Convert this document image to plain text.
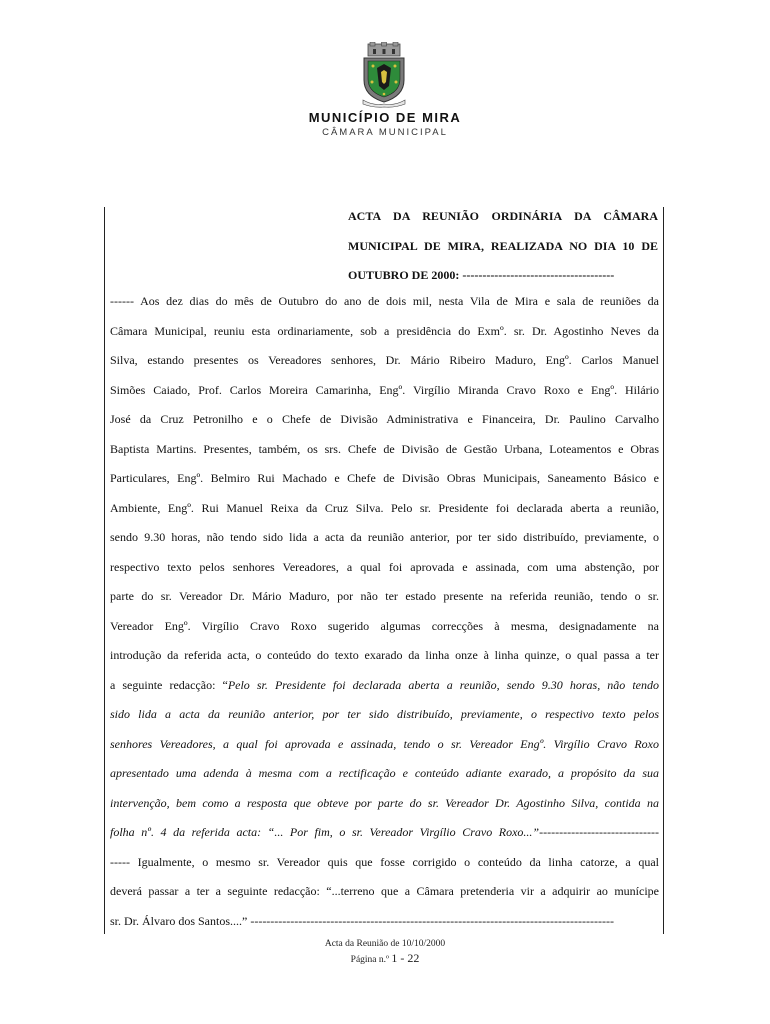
MUNICÍPIO DE MIRA
CÂMARA MUNICIPAL
ACTA DA REUNIÃO ORDINÁRIA DA CÂMARA
MUNICIPAL DE MIRA, REALIZADA NO DIA 10 DE
OUTUBRO DE 2000: --------------------------------------
------ Aos dez dias do mês de Outubro do ano de dois mil, nesta Vila de Mira e sala de reuniões da
Câmara Municipal, reuniu esta ordinariamente, sob a presidência do Exmº. sr. Dr. Agostinho Neves da
Silva, estando presentes os Vereadores senhores, Dr. Mário Ribeiro Maduro, Engº. Carlos Manuel
Simões Caiado, Prof. Carlos Moreira Camarinha, Engº. Virgílio Miranda Cravo Roxo e Engº. Hilário
José da Cruz Petronilho e o Chefe de Divisão Administrativa e Financeira, Dr. Paulino Carvalho
Baptista Martins. Presentes, também, os srs. Chefe de Divisão de Gestão Urbana, Loteamentos e Obras
Particulares, Engº. Belmiro Rui Machado e Chefe de Divisão Obras Municipais, Saneamento Básico e
Ambiente, Engº. Rui Manuel Reixa da Cruz Silva. Pelo sr. Presidente foi declarada aberta a reunião,
sendo 9.30 horas, não tendo sido lida a acta da reunião anterior, por ter sido distribuído, previamente, o
respectivo texto pelos senhores Vereadores, a qual foi aprovada e assinada, com uma abstenção, por
parte do sr. Vereador Dr. Mário Maduro, por não ter estado presente na referida reunião, tendo o sr.
Vereador Engº. Virgílio Cravo Roxo sugerido algumas correcções à mesma, designadamente na
introdução da referida acta, o conteúdo do texto exarado da linha onze à linha quinze, o qual passa a ter
a seguinte redacção: “Pelo sr. Presidente foi declarada aberta a reunião, sendo 9.30 horas, não tendo
sido lida a acta da reunião anterior, por ter sido distribuído, previamente, o respectivo texto pelos
senhores Vereadores, a qual foi aprovada e assinada, tendo o sr. Vereador Engº. Virgílio Cravo Roxo
apresentado uma adenda à mesma com a rectificação e conteúdo adiante exarado, a propósito da sua
intervenção, bem como a resposta que obteve por parte do sr. Vereador Dr. Agostinho Silva, contida na
folha nº. 4 da referida acta: “... Por fim, o sr. Vereador Virgílio Cravo Roxo...”------------------------------
----- Igualmente, o mesmo sr. Vereador quis que fosse corrigido o conteúdo da linha catorze, a qual
deverá passar a ter a seguinte redacção: “...terreno que a Câmara pretenderia vir a adquirir ao munícipe
sr. Dr. Álvaro dos Santos....” -------------------------------------------------------------------------------------------
Acta da Reunião de 10/10/2000
Página n.º 1 - 22
